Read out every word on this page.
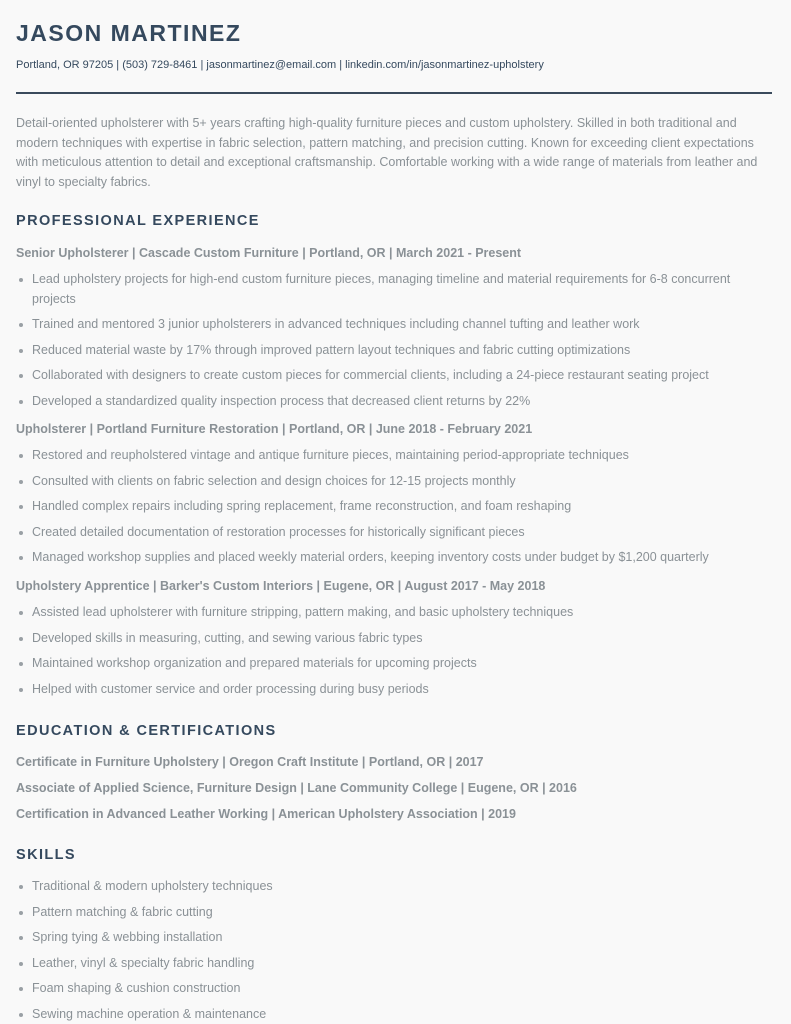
JASON MARTINEZ
Portland, OR 97205 | (503) 729-8461 | jasonmartinez@email.com | linkedin.com/in/jasonmartinez-upholstery

Detail-oriented upholsterer with 5+ years crafting high-quality furniture pieces and custom upholstery. Skilled in both traditional and modern techniques with expertise in fabric selection, pattern matching, and precision cutting. Known for exceeding client expectations with meticulous attention to detail and exceptional craftsmanship. Comfortable working with a wide range of materials from leather and vinyl to specialty fabrics.

PROFESSIONAL EXPERIENCE
Senior Upholsterer | Cascade Custom Furniture | Portland, OR | March 2021 - Present
Lead upholstery projects for high-end custom furniture pieces, managing timeline and material requirements for 6-8 concurrent projects
Trained and mentored 3 junior upholsterers in advanced techniques including channel tufting and leather work
Reduced material waste by 17% through improved pattern layout techniques and fabric cutting optimizations
Collaborated with designers to create custom pieces for commercial clients, including a 24-piece restaurant seating project
Developed a standardized quality inspection process that decreased client returns by 22%
Upholsterer | Portland Furniture Restoration | Portland, OR | June 2018 - February 2021
Restored and reupholstered vintage and antique furniture pieces, maintaining period-appropriate techniques
Consulted with clients on fabric selection and design choices for 12-15 projects monthly
Handled complex repairs including spring replacement, frame reconstruction, and foam reshaping
Created detailed documentation of restoration processes for historically significant pieces
Managed workshop supplies and placed weekly material orders, keeping inventory costs under budget by $1,200 quarterly
Upholstery Apprentice | Barker's Custom Interiors | Eugene, OR | August 2017 - May 2018
Assisted lead upholsterer with furniture stripping, pattern making, and basic upholstery techniques
Developed skills in measuring, cutting, and sewing various fabric types
Maintained workshop organization and prepared materials for upcoming projects
Helped with customer service and order processing during busy periods
EDUCATION & CERTIFICATIONS
Certificate in Furniture Upholstery | Oregon Craft Institute | Portland, OR | 2017
Associate of Applied Science, Furniture Design | Lane Community College | Eugene, OR | 2016
Certification in Advanced Leather Working | American Upholstery Association | 2019
SKILLS
Traditional & modern upholstery techniques
Pattern matching & fabric cutting
Spring tying & webbing installation
Leather, vinyl & specialty fabric handling
Foam shaping & cushion construction
Sewing machine operation & maintenance
